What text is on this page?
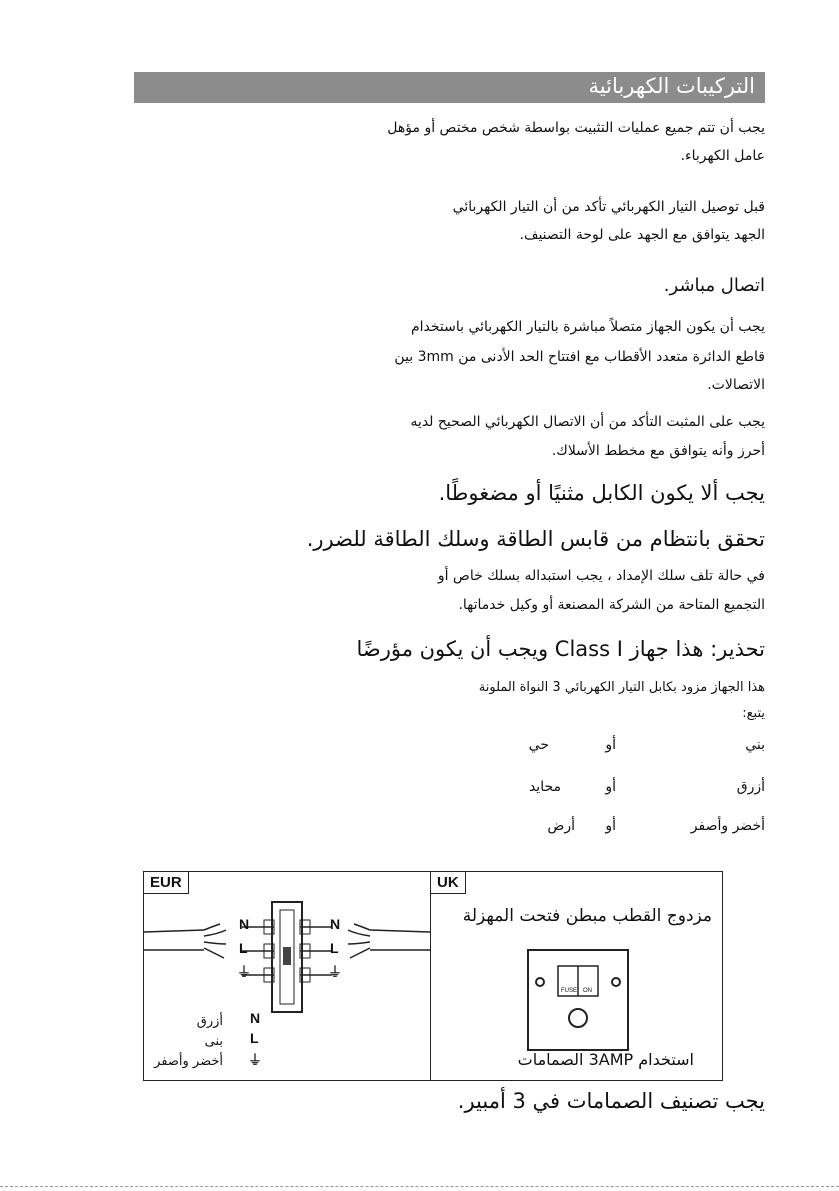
التركيبات الكهربائية
يجب أن تتم جميع عمليات التثبيت بواسطة شخص مختص أو مؤهل
عامل الكهرباء.
قبل توصيل التيار الكهربائي تأكد من أن التيار الكهربائي
الجهد يتوافق مع الجهد على لوحة التصنيف.
اتصال مباشر.
يجب أن يكون الجهاز متصلاً مباشرة بالتيار الكهربائي باستخدام
قاطع الدائرة متعدد الأقطاب مع افتتاح الحد الأدنى من 3mm بين
الاتصالات.
يجب على المثبت التأكد من أن الاتصال الكهربائي الصحيح لديه
أحرز وأنه يتوافق مع مخطط الأسلاك.
يجب ألا يكون الكابل مثنيًا أو مضغوطًا.
تحقق بانتظام من قابس الطاقة وسلك الطاقة للضرر.
في حالة تلف سلك الإمداد ، يجب استبداله بسلك خاص أو
التجميع المتاحة من الشركة المصنعة أو وكيل خدماتها.
تحذير: هذا جهاز Class I ويجب أن يكون مؤرضًا
هذا الجهاز مزود بكابل التيار الكهربائي 3 النواة الملونة
يتبع:
بني
أو
حي
أزرق
أو
محايد
أخضر وأصفر
أو
أرض
EUR
N
L
⏚
N
L
⏚
أزرق N
بنى L
أخضر وأصفر ⏚
UK
مزدوج القطب مبطن فتحت المهزلة
FUSE ON
استخدام 3AMP الصمامات
يجب تصنيف الصمامات في 3 أمبير.
